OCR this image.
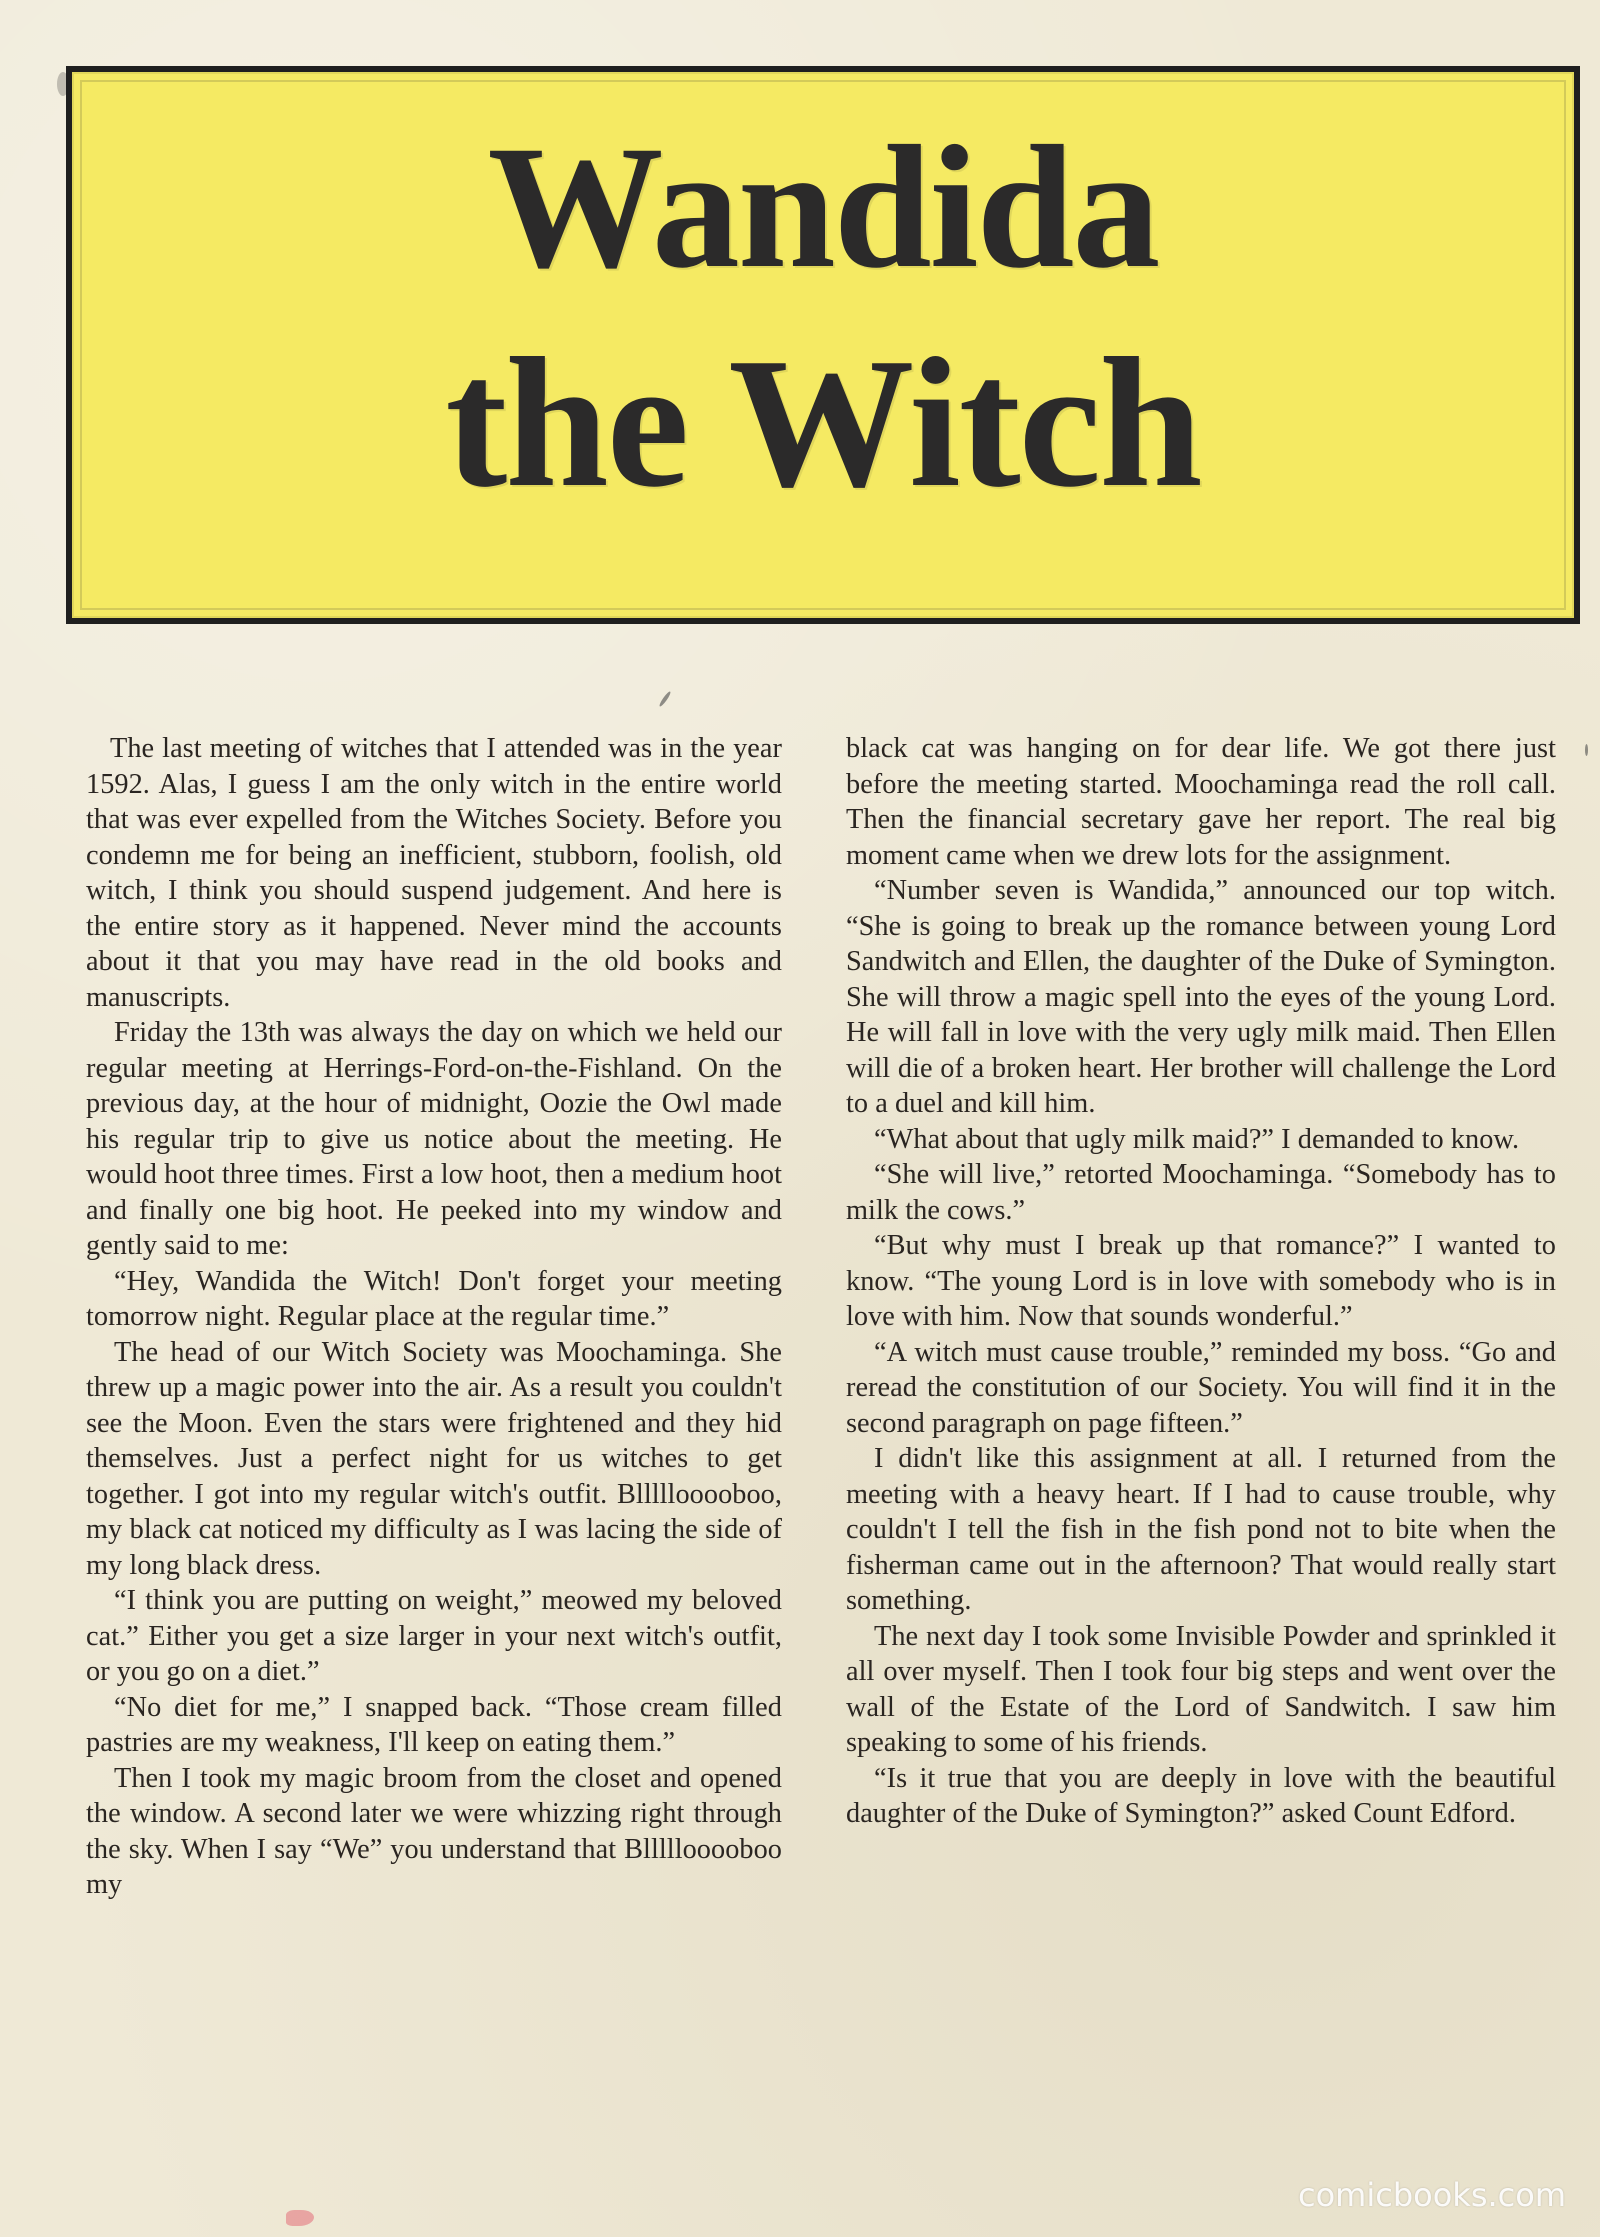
Wandida
the Witch

The last meeting of witches that I attended was in the year 1592. Alas, I guess I am the only witch in the entire world that was ever expelled from the Witches Society. Before you condemn me for being an inefficient, stubborn, foolish, old witch, I think you should suspend judgement. And here is the entire story as it happened. Never mind the accounts about it that you may have read in the old books and manuscripts.

Friday the 13th was always the day on which we held our regular meeting at Herrings-Ford-on-the-Fishland. On the previous day, at the hour of midnight, Oozie the Owl made his regular trip to give us notice about the meeting. He would hoot three times. First a low hoot, then a medium hoot and finally one big hoot. He peeked into my window and gently said to me:

“Hey, Wandida the Witch! Don't forget your meeting tomorrow night. Regular place at the regular time.”

The head of our Witch Society was Moochaminga. She threw up a magic power into the air. As a result you couldn't see the Moon. Even the stars were frightened and they hid themselves. Just a perfect night for us witches to get together. I got into my regular witch's outfit. Blllllooooboo, my black cat noticed my difficulty as I was lacing the side of my long black dress.

“I think you are putting on weight,” meowed my beloved cat.” Either you get a size larger in your next witch's outfit, or you go on a diet.”

“No diet for me,” I snapped back. “Those cream filled pastries are my weakness, I'll keep on eating them.”

Then I took my magic broom from the closet and opened the window. A second later we were whizzing right through the sky. When I say “We” you understand that Blllllooooboo my

black cat was hanging on for dear life. We got there just before the meeting started. Moochaminga read the roll call. Then the financial secretary gave her report. The real big moment came when we drew lots for the assignment.

“Number seven is Wandida,” announced our top witch. “She is going to break up the romance between young Lord Sandwitch and Ellen, the daughter of the Duke of Symington. She will throw a magic spell into the eyes of the young Lord. He will fall in love with the very ugly milk maid. Then Ellen will die of a broken heart. Her brother will challenge the Lord to a duel and kill him.

“What about that ugly milk maid?” I demanded to know.

“She will live,” retorted Moochaminga. “Somebody has to milk the cows.”

“But why must I break up that romance?” I wanted to know. “The young Lord is in love with somebody who is in love with him. Now that sounds wonderful.”

“A witch must cause trouble,” reminded my boss. “Go and reread the constitution of our Society. You will find it in the second paragraph on page fifteen.”

I didn't like this assignment at all. I returned from the meeting with a heavy heart. If I had to cause trouble, why couldn't I tell the fish in the fish pond not to bite when the fisherman came out in the afternoon? That would really start something.

The next day I took some Invisible Powder and sprinkled it all over myself. Then I took four big steps and went over the wall of the Estate of the Lord of Sandwitch. I saw him speaking to some of his friends.

“Is it true that you are deeply in love with the beautiful daughter of the Duke of Symington?” asked Count Edford.

comicbooks.com
